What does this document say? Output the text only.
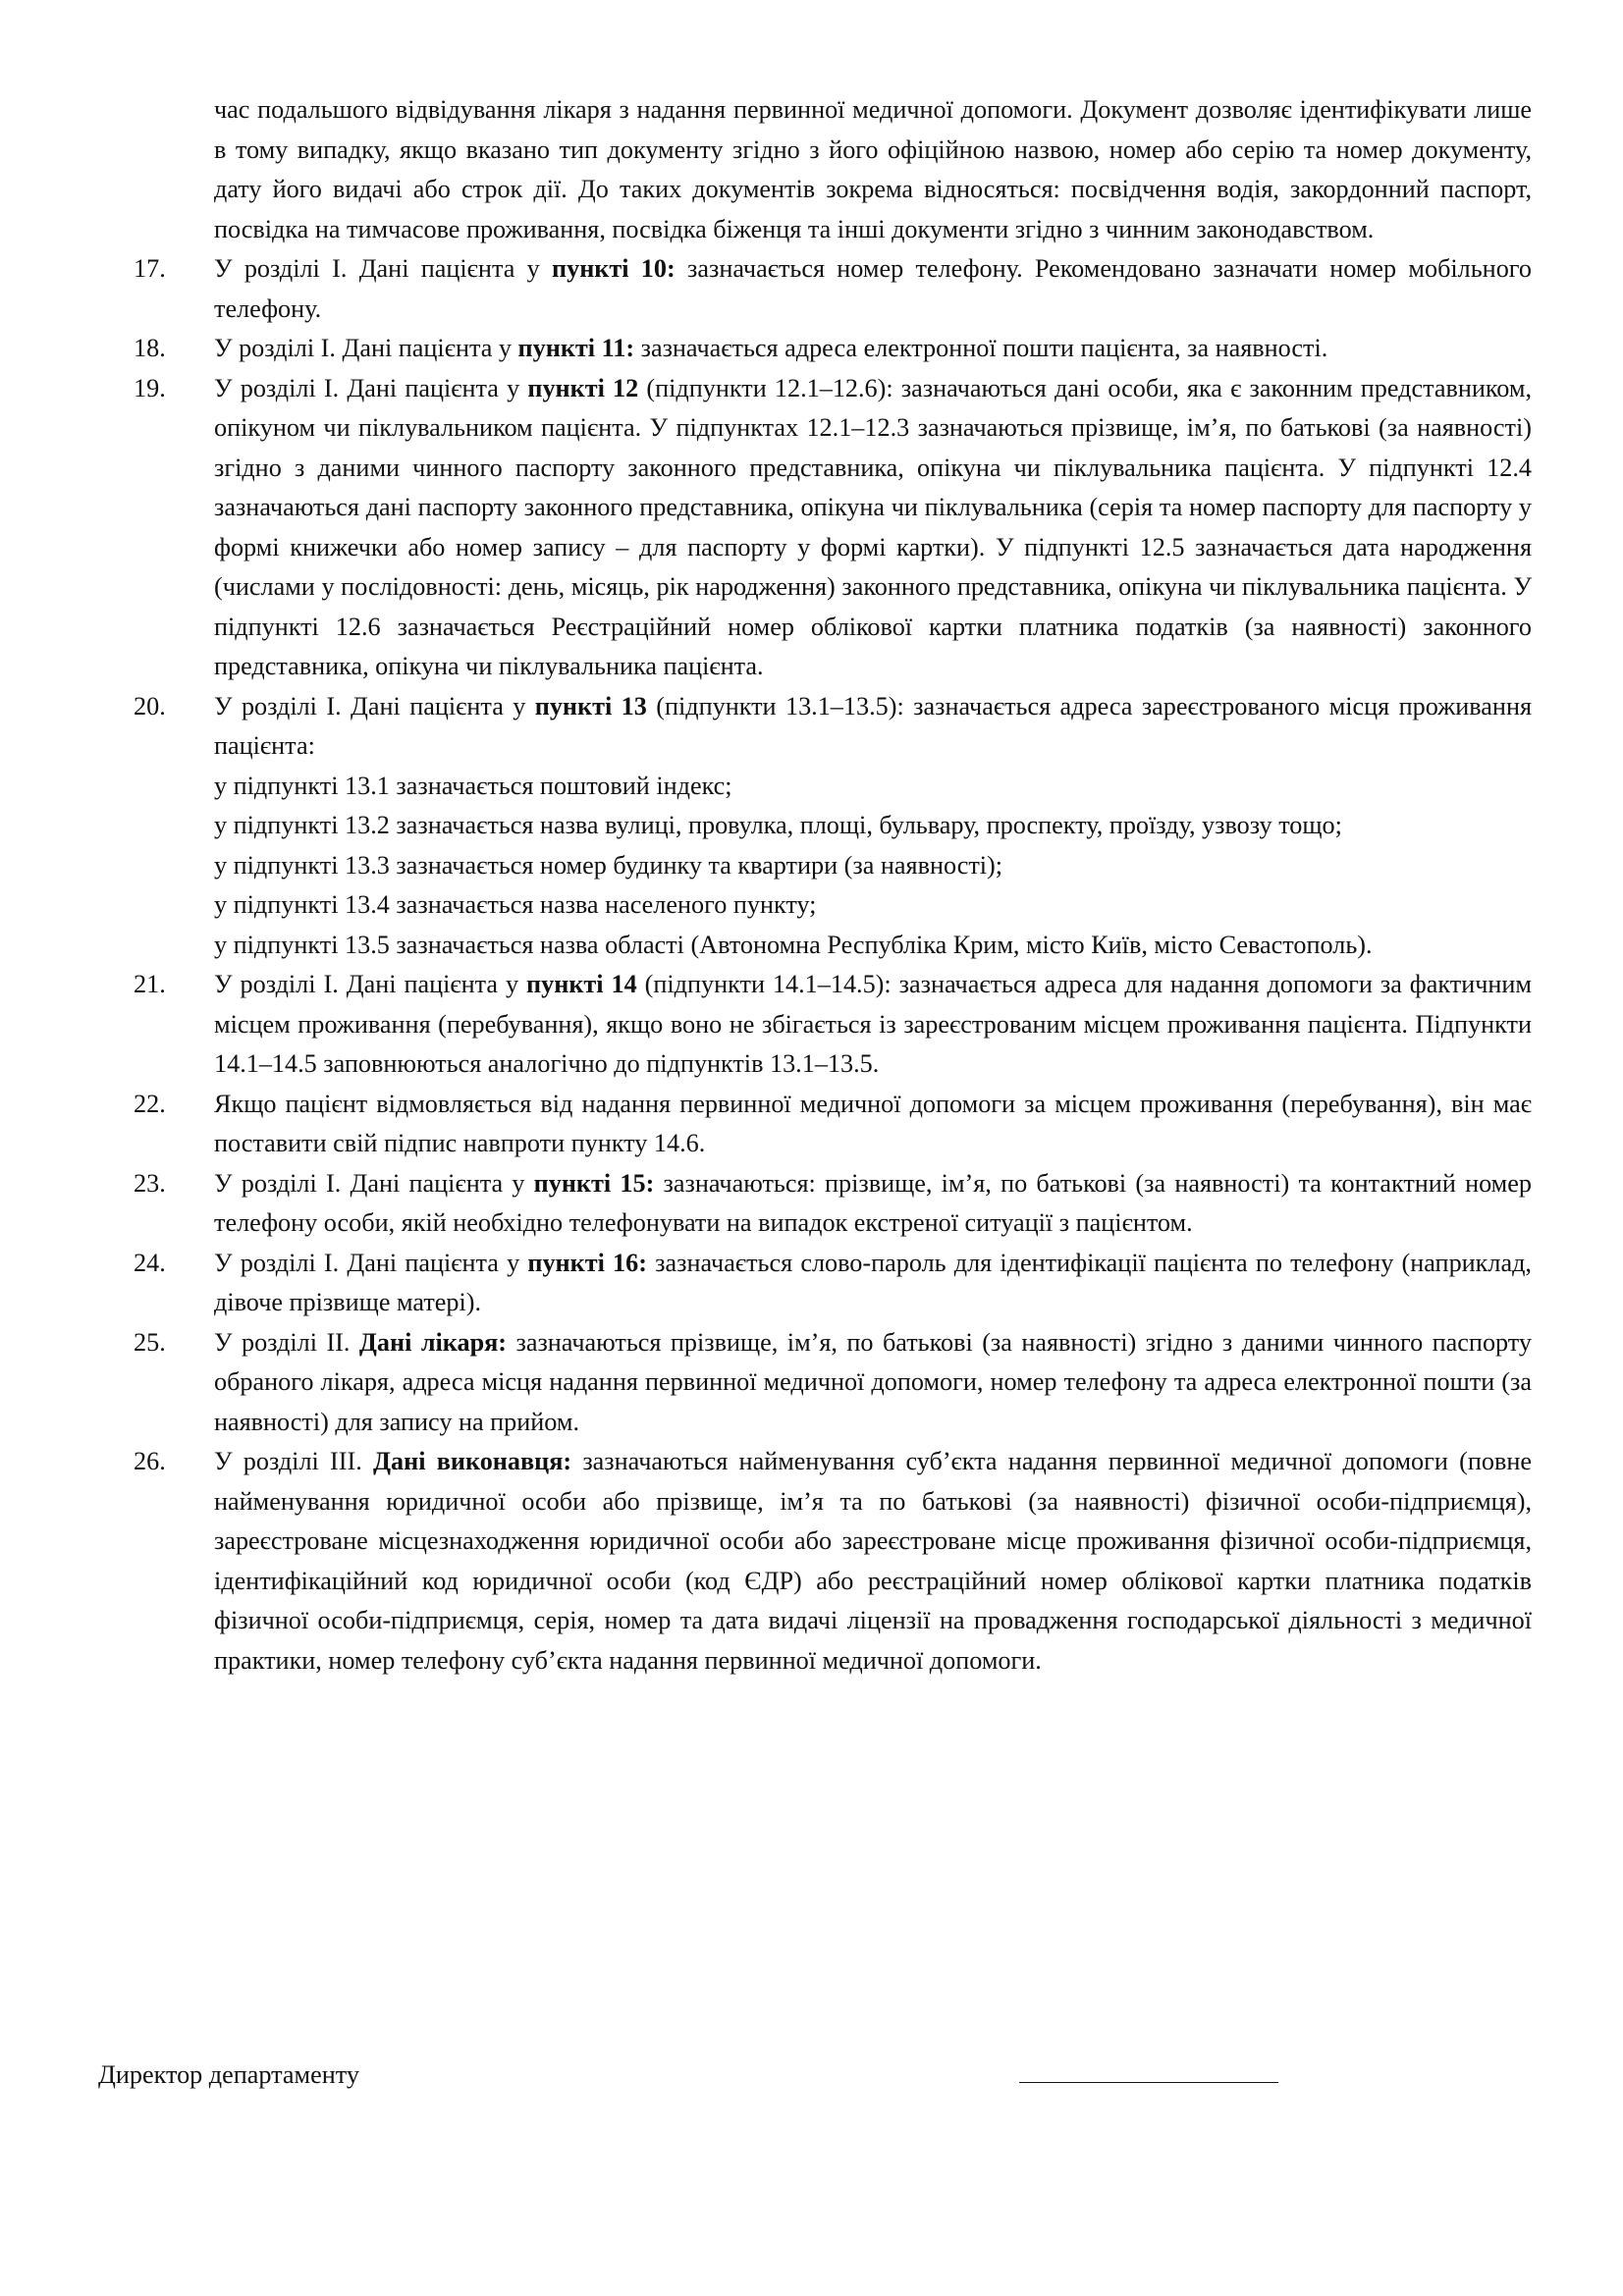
час подальшого відвідування лікаря з надання первинної медичної допомоги. Документ дозволяє ідентифікувати лише в тому випадку, якщо вказано тип документу згідно з його офіційною назвою, номер або серію та номер документу, дату його видачі або строк дії. До таких документів зокрема відносяться: посвідчення водія, закордонний паспорт, посвідка на тимчасове проживання, посвідка біженця та інші документи згідно з чинним законодавством.

17.	У розділі І. Дані пацієнта у пункті 10: зазначається номер телефону. Рекомендовано зазначати номер мобільного телефону.
18.	У розділі І. Дані пацієнта у пункті 11: зазначається адреса електронної пошти пацієнта, за наявності.
19.	У розділі І. Дані пацієнта у пункті 12 (підпункти 12.1–12.6): зазначаються дані особи, яка є законним представником, опікуном чи піклувальником пацієнта. У підпунктах 12.1–12.3 зазначаються прізвище, ім’я, по батькові (за наявності) згідно з даними чинного паспорту законного представника, опікуна чи піклувальника пацієнта. У підпункті 12.4 зазначаються дані паспорту законного представника, опікуна чи піклувальника (серія та номер паспорту для паспорту у формі книжечки або номер запису – для паспорту у формі картки). У підпункті 12.5 зазначається дата народження (числами у послідовності: день, місяць, рік народження) законного представника, опікуна чи піклувальника пацієнта. У підпункті 12.6 зазначається Реєстраційний номер облікової картки платника податків (за наявності) законного представника, опікуна чи піклувальника пацієнта.
20.	У розділі І. Дані пацієнта у пункті 13 (підпункти 13.1–13.5): зазначається адреса зареєстрованого місця проживання пацієнта:
у підпункті 13.1 зазначається поштовий індекс;
у підпункті 13.2 зазначається назва вулиці, провулка, площі, бульвару, проспекту, проїзду, узвозу тощо;
у підпункті 13.3 зазначається номер будинку та квартири (за наявності);
у підпункті 13.4 зазначається назва населеного пункту;
у підпункті 13.5 зазначається назва області (Автономна Республіка Крим, місто Київ, місто Севастополь).
21.	У розділі І. Дані пацієнта у пункті 14 (підпункти 14.1–14.5): зазначається адреса для надання допомоги за фактичним місцем проживання (перебування), якщо воно не збігається із зареєстрованим місцем проживання пацієнта. Підпункти 14.1–14.5 заповнюються аналогічно до підпунктів 13.1–13.5.
22.	Якщо пацієнт відмовляється від надання первинної медичної допомоги за місцем проживання (перебування), він має поставити свій підпис навпроти пункту 14.6.
23.	У розділі І. Дані пацієнта у пункті 15: зазначаються: прізвище, ім’я, по батькові (за наявності) та контактний номер телефону особи, якій необхідно телефонувати на випадок екстреної ситуації з пацієнтом.
24.	У розділі І. Дані пацієнта у пункті 16: зазначається слово-пароль для ідентифікації пацієнта по телефону (наприклад, дівоче прізвище матері).
25.	У розділі ІІ. Дані лікаря: зазначаються прізвище, ім’я, по батькові (за наявності) згідно з даними чинного паспорту обраного лікаря, адреса місця надання первинної медичної допомоги, номер телефону та адреса електронної пошти (за наявності) для запису на прийом.
26.	У розділі ІІІ. Дані виконавця: зазначаються найменування суб’єкта надання первинної медичної допомоги (повне найменування юридичної особи або прізвище, ім’я та по батькові (за наявності) фізичної особи-підприємця), зареєстроване місцезнаходження юридичної особи або зареєстроване місце проживання фізичної особи-підприємця, ідентифікаційний код юридичної особи (код ЄДР) або реєстраційний номер облікової картки платника податків фізичної особи-підприємця, серія, номер та дата видачі ліцензії на провадження господарської діяльності з медичної практики, номер телефону суб’єкта надання первинної медичної допомоги.
Директор департаменту
